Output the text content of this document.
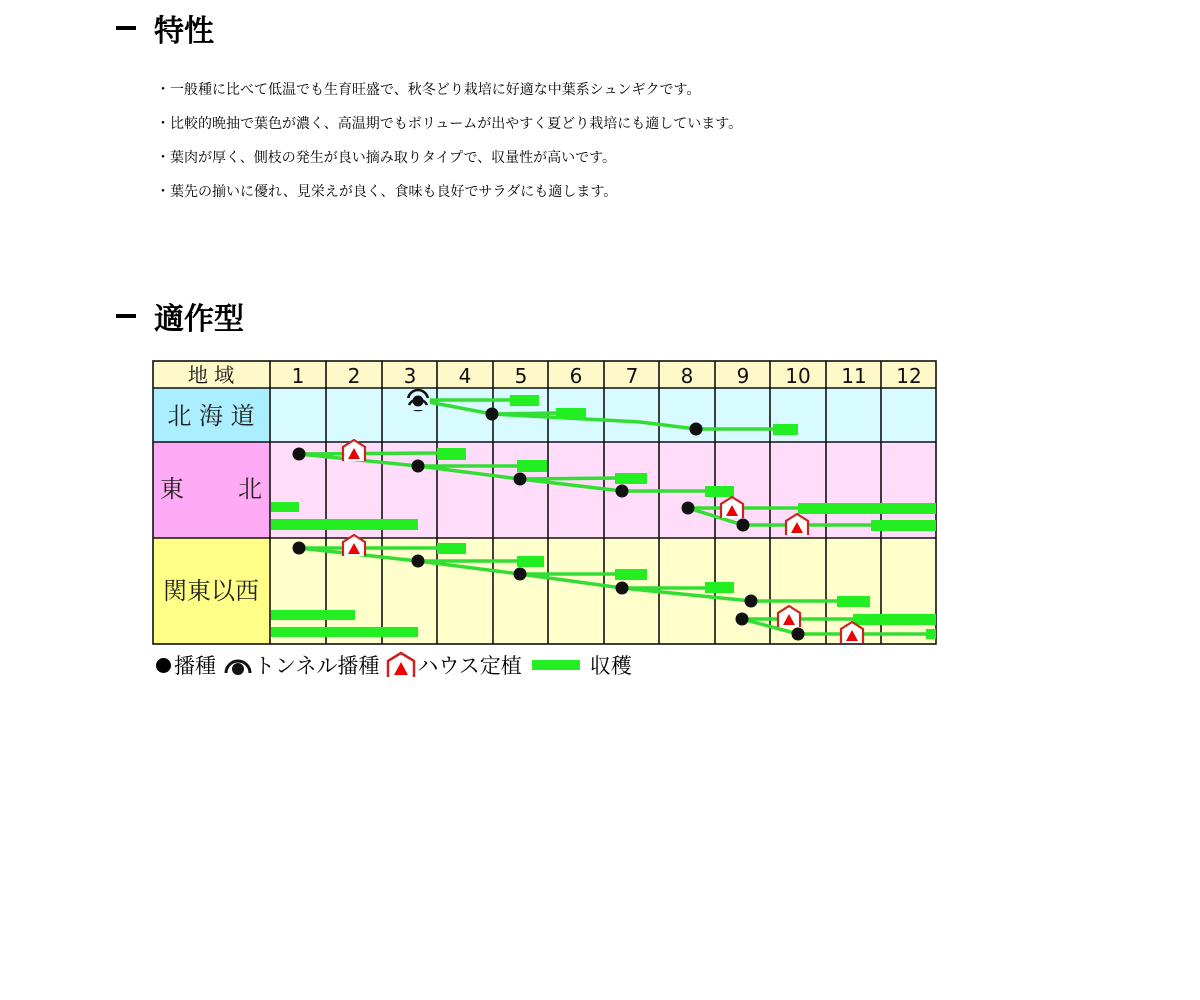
特性
・ 一般種に比べて低温でも生育旺盛で、秋冬どり栽培に好適な中葉系シュンギクです。
・ 比較的晩抽で葉色が濃く、高温期でもボリュームが出やすく夏どり栽培にも適しています。
・ 葉肉が厚く、側枝の発生が良い摘み取りタイプで、収量性が高いです。
・ 葉先の揃いに優れ、見栄えが良く、食味も良好でサラダにも適します。
適作型
地 域	1 2 3 4 5 6 7 8 9 10 11 12
北 海 道
東 北
関東以西
播種 トンネル播種 ハウス定植	収穫
